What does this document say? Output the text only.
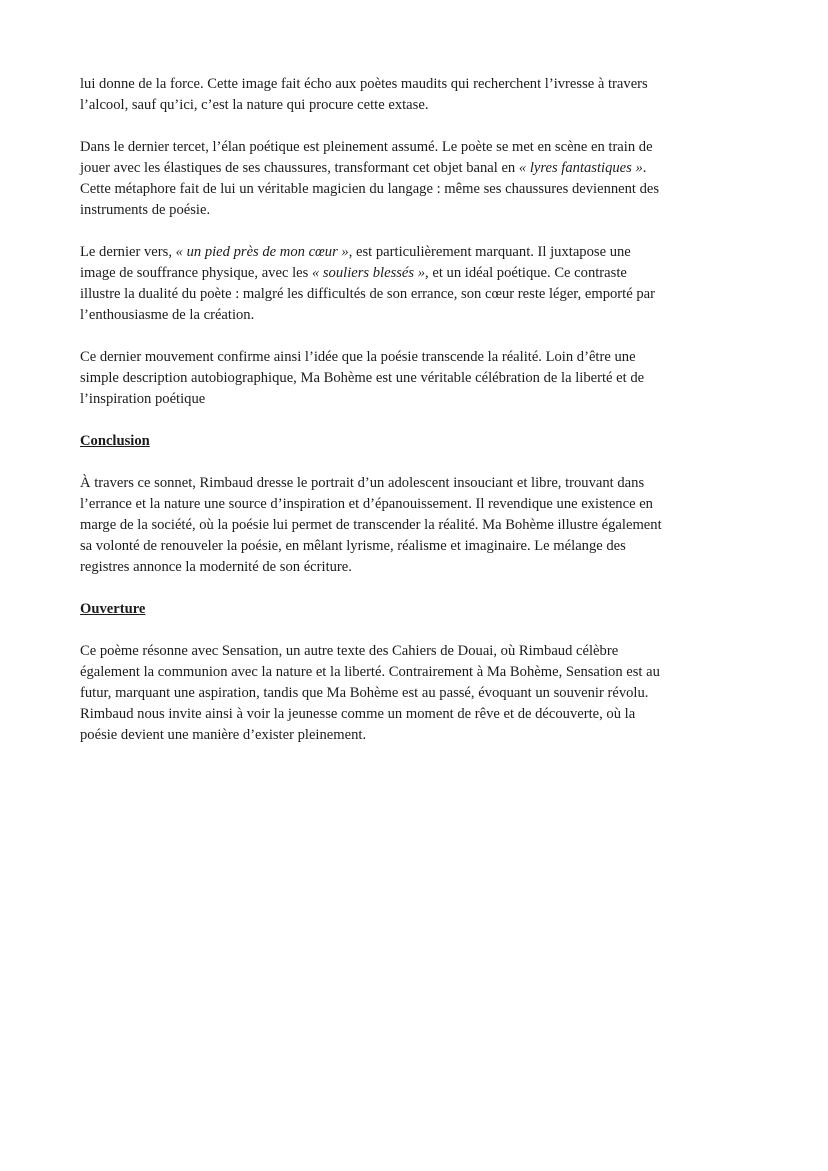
lui donne de la force. Cette image fait écho aux poètes maudits qui recherchent l’ivresse à travers
l’alcool, sauf qu’ici, c’est la nature qui procure cette extase.

Dans le dernier tercet, l’élan poétique est pleinement assumé. Le poète se met en scène en train de
jouer avec les élastiques de ses chaussures, transformant cet objet banal en « lyres fantastiques ».
Cette métaphore fait de lui un véritable magicien du langage : même ses chaussures deviennent des
instruments de poésie.

Le dernier vers, « un pied près de mon cœur », est particulièrement marquant. Il juxtapose une
image de souffrance physique, avec les « souliers blessés », et un idéal poétique. Ce contraste
illustre la dualité du poète : malgré les difficultés de son errance, son cœur reste léger, emporté par
l’enthousiasme de la création.

Ce dernier mouvement confirme ainsi l’idée que la poésie transcende la réalité. Loin d’être une
simple description autobiographique, Ma Bohème est une véritable célébration de la liberté et de
l’inspiration poétique

Conclusion

À travers ce sonnet, Rimbaud dresse le portrait d’un adolescent insouciant et libre, trouvant dans
l’errance et la nature une source d’inspiration et d’épanouissement. Il revendique une existence en
marge de la société, où la poésie lui permet de transcender la réalité. Ma Bohème illustre également
sa volonté de renouveler la poésie, en mêlant lyrisme, réalisme et imaginaire. Le mélange des
registres annonce la modernité de son écriture.

Ouverture

Ce poème résonne avec Sensation, un autre texte des Cahiers de Douai, où Rimbaud célèbre
également la communion avec la nature et la liberté. Contrairement à Ma Bohème, Sensation est au
futur, marquant une aspiration, tandis que Ma Bohème est au passé, évoquant un souvenir révolu.
Rimbaud nous invite ainsi à voir la jeunesse comme un moment de rêve et de découverte, où la
poésie devient une manière d’exister pleinement.
